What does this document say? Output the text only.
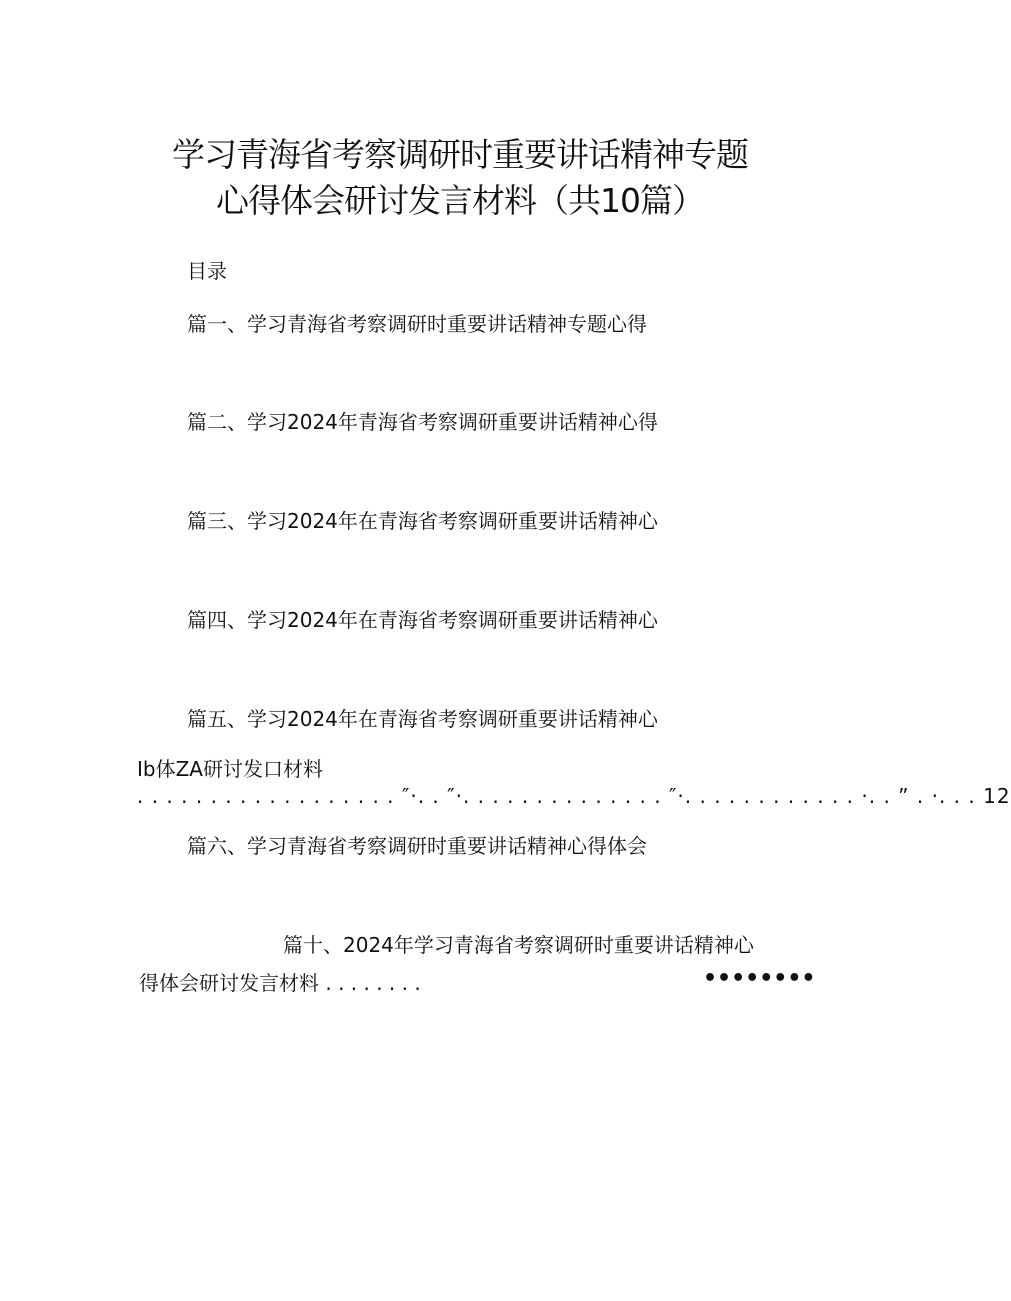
学习青海省考察调研时重要讲话精神专题
心得体会研讨发言材料（共10篇）
目录
篇一、学习青海省考察调研时重要讲话精神专题心得
篇二、学习2024年青海省考察调研重要讲话精神心得
篇三、学习2024年在青海省考察调研重要讲话精神心
篇四、学习2024年在青海省考察调研重要讲话精神心
篇五、学习2024年在青海省考察调研重要讲话精神心
Ib体ZA研讨发口材料
. . . . . . . . . . . . . . . . . . ″·. . ″·. . . . . . . . . . . . . . ″·. . . . . . . . . . . . ·. . ” . ·. . . 12
篇六、学习青海省考察调研时重要讲话精神心得体会
篇十、2024年学习青海省考察调研时重要讲话精神心
得体会研讨发言材料 . . . . . . . .	••••••••
